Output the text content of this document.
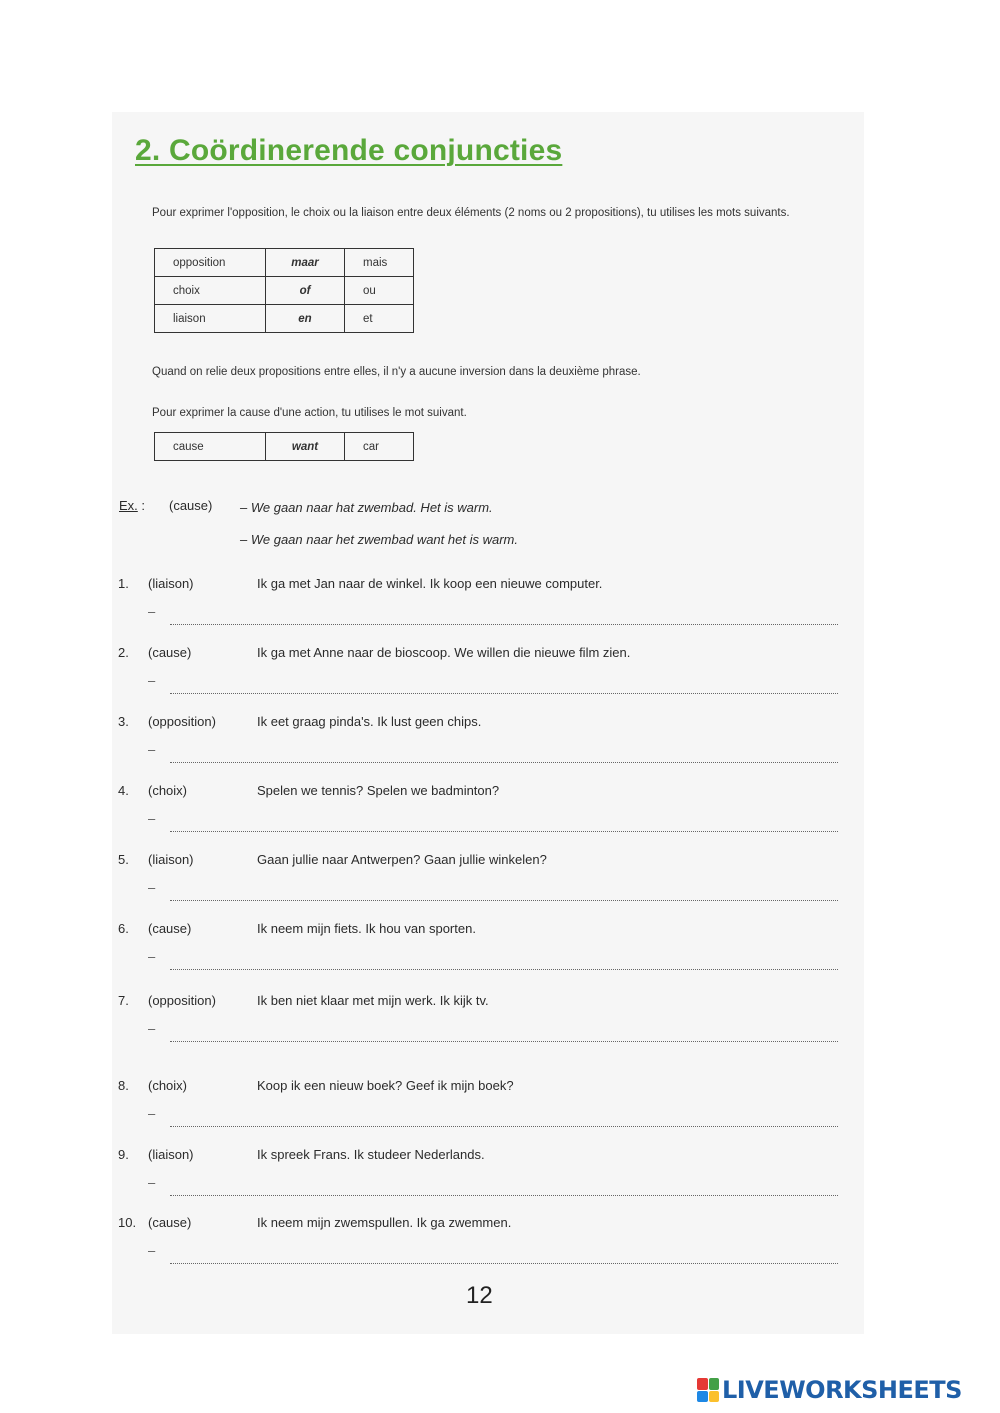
2. Coördinerende conjuncties
Pour exprimer l'opposition, le choix ou la liaison entre deux éléments (2 noms ou 2 propositions), tu utilises les mots suivants.
opposition	maar	mais
choix	of	ou
liaison	en	et
Quand on relie deux propositions entre elles, il n'y a aucune inversion dans la deuxième phrase.
Pour exprimer la cause d'une action, tu utilises le mot suivant.
cause	want	car
Ex. : (cause) – We gaan naar hat zwembad. Het is warm.
– We gaan naar het zwembad want het is warm.
1. (liaison)	Ik ga met Jan naar de winkel. Ik koop een nieuwe computer.
–
2. (cause)	Ik ga met Anne naar de bioscoop. We willen die nieuwe film zien.
–
3. (opposition)	Ik eet graag pinda's. Ik lust geen chips.
–
4. (choix)	Spelen we tennis? Spelen we badminton?
–
5. (liaison)	Gaan jullie naar Antwerpen? Gaan jullie winkelen?
–
6. (cause)	Ik neem mijn fiets. Ik hou van sporten.
–
7. (opposition)	Ik ben niet klaar met mijn werk. Ik kijk tv.
–
8. (choix)	Koop ik een nieuw boek? Geef ik mijn boek?
–
9. (liaison)	Ik spreek Frans. Ik studeer Nederlands.
–
10. (cause)	Ik neem mijn zwemspullen. Ik ga zwemmen.
–
12
LIVEWORKSHEETS
